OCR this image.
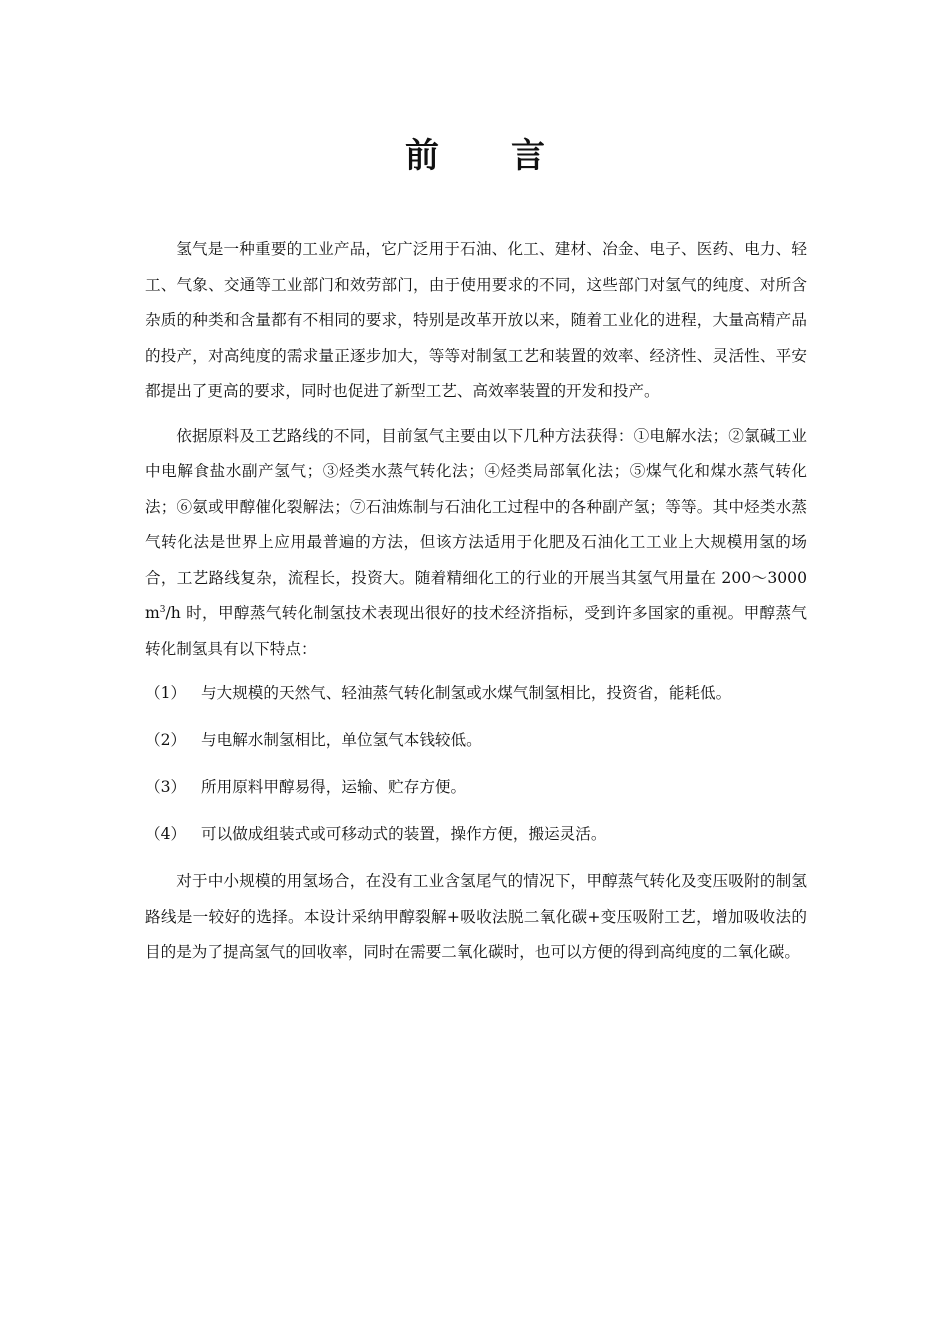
前 言

氢气是一种重要的工业产品，它广泛用于石油、化工、建材、冶金、电子、医药、电力、轻工、气象、交通等工业部门和效劳部门，由于使用要求的不同，这些部门对氢气的纯度、对所含杂质的种类和含量都有不相同的要求，特别是改革开放以来，随着工业化的进程，大量高精产品的投产，对高纯度的需求量正逐步加大，等等对制氢工艺和装置的效率、经济性、灵活性、平安都提出了更高的要求，同时也促进了新型工艺、高效率装置的开发和投产。

依据原料及工艺路线的不同，目前氢气主要由以下几种方法获得：①电解水法；②氯碱工业中电解食盐水副产氢气；③烃类水蒸气转化法；④烃类局部氧化法；⑤煤气化和煤水蒸气转化法；⑥氨或甲醇催化裂解法；⑦石油炼制与石油化工过程中的各种副产氢；等等。其中烃类水蒸气转化法是世界上应用最普遍的方法，但该方法适用于化肥及石油化工工业上大规模用氢的场合，工艺路线复杂，流程长，投资大。随着精细化工的行业的开展当其氢气用量在 $200\sim 3000m^3/h$ 时，甲醇蒸气转化制氢技术表现出很好的技术经济指标，受到许多国家的重视。甲醇蒸气转化制氢具有以下特点：

（1） 与大规模的天然气、轻油蒸气转化制氢或水煤气制氢相比，投资省，能耗低。
（2） 与电解水制氢相比，单位氢气本钱较低。
（3） 所用原料甲醇易得，运输、贮存方便。
（4） 可以做成组装式或可移动式的装置，操作方便，搬运灵活。

对于中小规模的用氢场合，在没有工业含氢尾气的情况下，甲醇蒸气转化及变压吸附的制氢路线是一较好的选择。本设计采纳甲醇裂解+吸收法脱二氧化碳+变压吸附工艺，增加吸收法的目的是为了提高氢气的回收率，同时在需要二氧化碳时，也可以方便的得到高纯度的二氧化碳。
